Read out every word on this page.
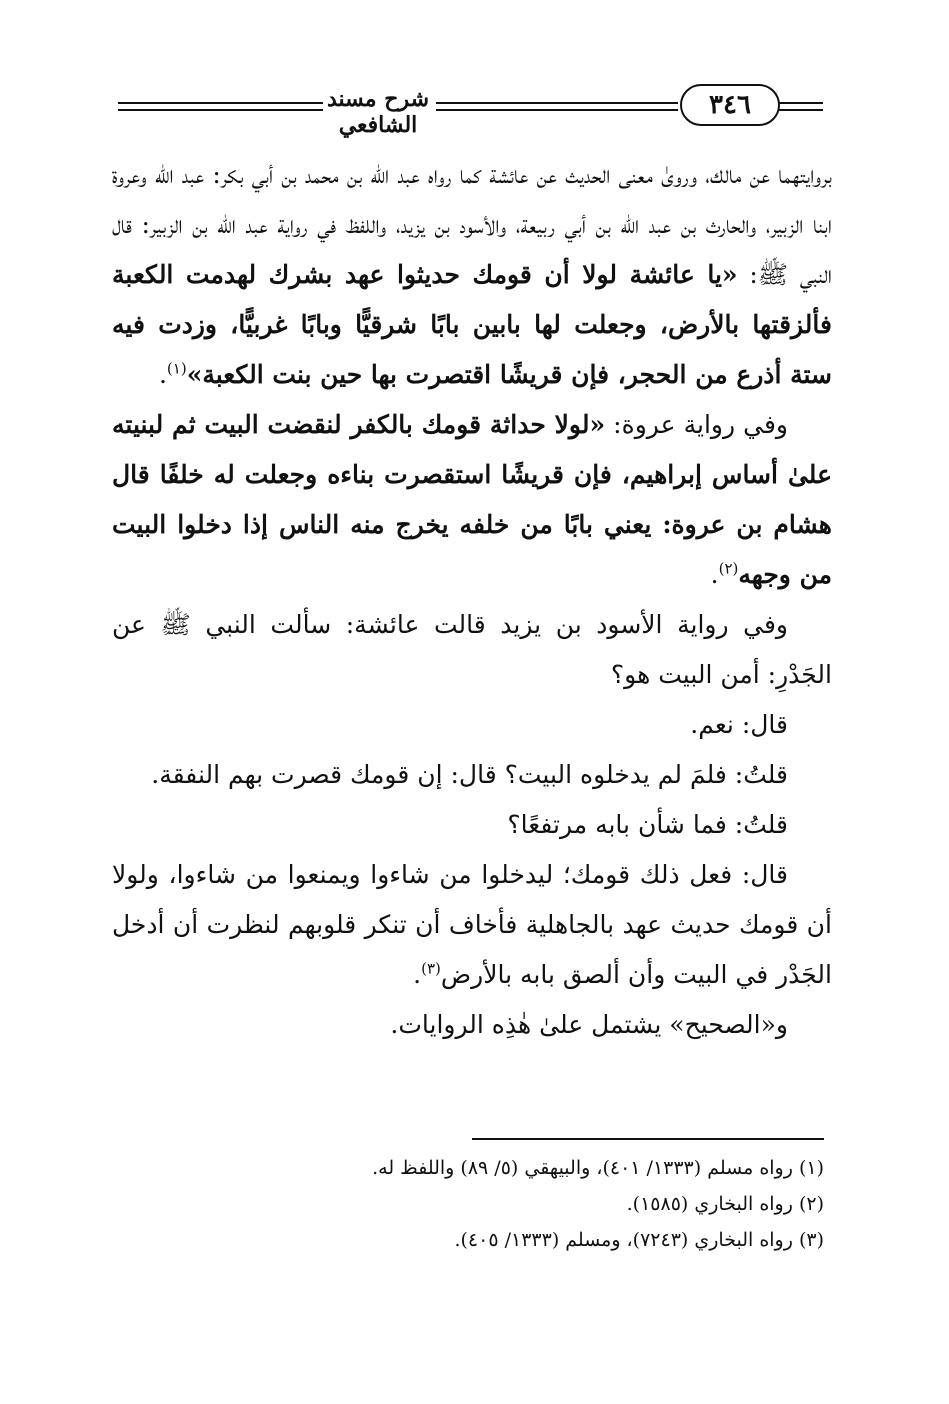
شرح مسند الشافعي
٣٤٦

بروايتهما عن مالك، وروىٰ معنى الحديث عن عائشة كما رواه عبد الله بن محمد بن أبي بكر: عبد الله وعروة ابنا الزبير، والحارث بن عبد الله بن أبي ربيعة، والأسود بن يزيد، واللفظ في رواية عبد الله بن الزبير: قال النبي ﷺ: «يا عائشة لولا أن قومك حديثوا عهد بشرك لهدمت الكعبة فألزقتها بالأرض، وجعلت لها بابين بابًا شرقيًّا وبابًا غربيًّا، وزدت فيه ستة أذرع من الحجر، فإن قريشًا اقتصرت بها حين بنت الكعبة»$^{(١)}$.

وفي رواية عروة: «لولا حداثة قومك بالكفر لنقضت البيت ثم لبنيته علىٰ أساس إبراهيم، فإن قريشًا استقصرت بناءه وجعلت له خلفًا قال هشام بن عروة: يعني بابًا من خلفه يخرج منه الناس إذا دخلوا البيت من وجهه$^{(٢)}$.

وفي رواية الأسود بن يزيد قالت عائشة: سألت النبي ﷺ عن الجَدْرِ: أمن البيت هو؟

قال: نعم.

قلتُ: فلمَ لم يدخلوه البيت؟ قال: إن قومك قصرت بهم النفقة.

قلتُ: فما شأن بابه مرتفعًا؟

قال: فعل ذلك قومك؛ ليدخلوا من شاءوا ويمنعوا من شاءوا، ولولا أن قومك حديث عهد بالجاهلية فأخاف أن تنكر قلوبهم لنظرت أن أدخل الجَدْر في البيت وأن ألصق بابه بالأرض$^{(٣)}$.

و«الصحيح» يشتمل علىٰ هٰذِه الروايات.

(١) رواه مسلم (١٣٣٣/ ٤٠١)، والبيهقي (٥/ ٨٩) واللفظ له.
(٢) رواه البخاري (١٥٨٥).
(٣) رواه البخاري (٧٢٤٣)، ومسلم (١٣٣٣/ ٤٠٥).
